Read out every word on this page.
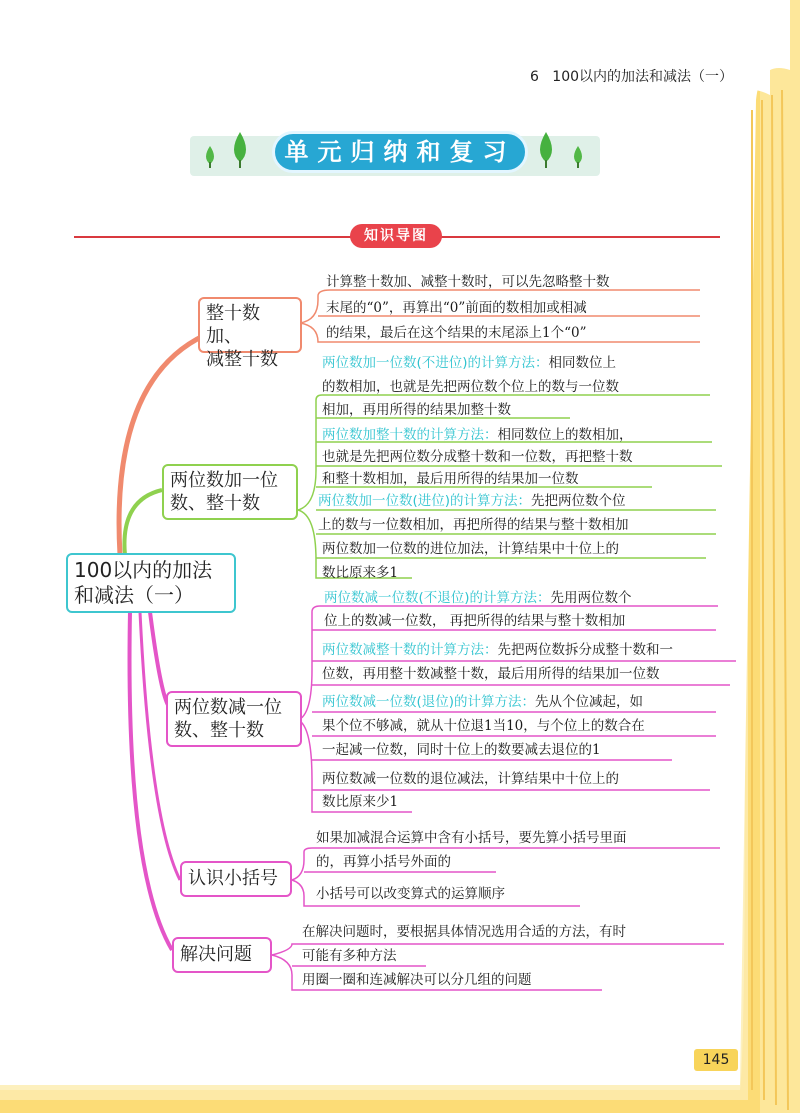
6 100以内的加法和减法（一）
单元归纳和复习
知识导图
100以内的加法
和减法（一）
整十数加、
减整十数
计算整十数加、减整十数时，可以先忽略整十数
末尾的“0”，再算出“0”前面的数相加或相减
的结果，最后在这个结果的末尾添上1个“0”
两位数加一位
数、整十数
两位数加一位数(不进位)的计算方法：相同数位上
的数相加，也就是先把两位数个位上的数与一位数
相加，再用所得的结果加整十数
两位数加整十数的计算方法：相同数位上的数相加，
也就是先把两位数分成整十数和一位数，再把整十数
和整十数相加，最后用所得的结果加一位数
两位数加一位数(进位)的计算方法：先把两位数个位
上的数与一位数相加，再把所得的结果与整十数相加
两位数加一位数的进位加法，计算结果中十位上的
数比原来多1
两位数减一位
数、整十数
两位数减一位数(不退位)的计算方法：先用两位数个
位上的数减一位数， 再把所得的结果与整十数相加
两位数减整十数的计算方法：先把两位数拆分成整十数和一
位数，再用整十数减整十数，最后用所得的结果加一位数
两位数减一位数(退位)的计算方法：先从个位减起，如
果个位不够减，就从十位退1当10，与个位上的数合在
一起减一位数，同时十位上的数要减去退位的1
两位数减一位数的退位减法，计算结果中十位上的
数比原来少1
认识小括号
如果加减混合运算中含有小括号，要先算小括号里面
的，再算小括号外面的
小括号可以改变算式的运算顺序
解决问题
在解决问题时，要根据具体情况选用合适的方法，有时
可能有多种方法
用圈一圈和连减解决可以分几组的问题
145
